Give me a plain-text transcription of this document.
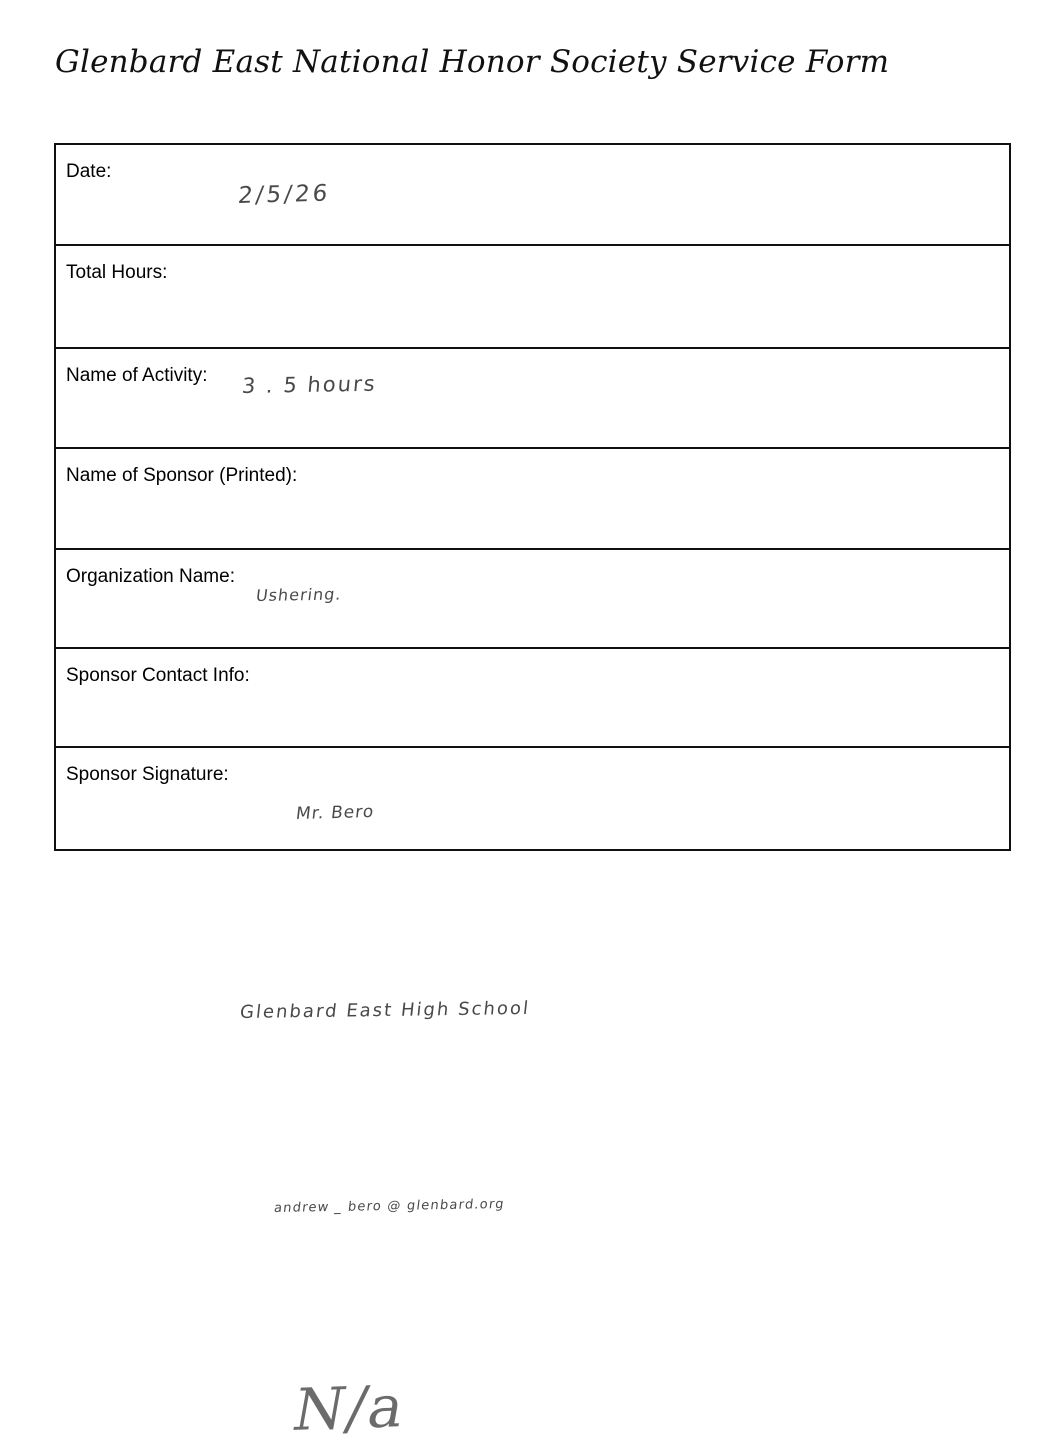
Glenbard East National Honor Society Service Form
Date:
2/5/26
Total Hours:
3 . 5 hours
Name of Activity:
Ushering.
Name of Sponsor (Printed):
Mr. Bero
Organization Name:
Glenbard East High School
Sponsor Contact Info:
andrew _ bero @ glenbard.org
Sponsor Signature:
N/a
